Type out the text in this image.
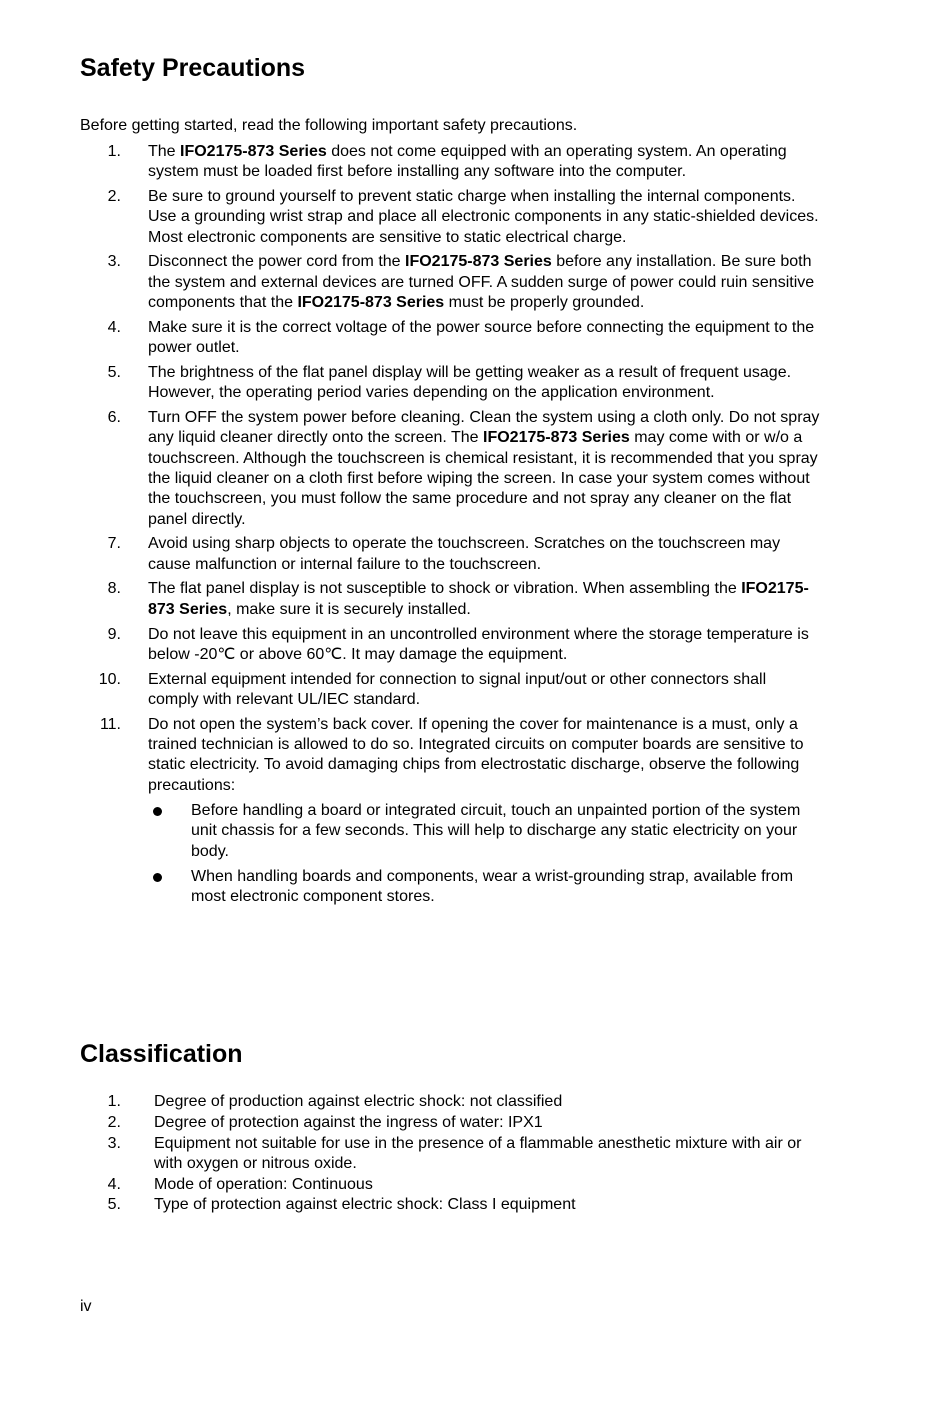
Safety Precautions

Before getting started, read the following important safety precautions.

1. The IFO2175-873 Series does not come equipped with an operating system. An operating system must be loaded first before installing any software into the computer.
2. Be sure to ground yourself to prevent static charge when installing the internal components. Use a grounding wrist strap and place all electronic components in any static-shielded devices. Most electronic components are sensitive to static electrical charge.
3. Disconnect the power cord from the IFO2175-873 Series before any installation. Be sure both the system and external devices are turned OFF. A sudden surge of power could ruin sensitive components that the IFO2175-873 Series must be properly grounded.
4. Make sure it is the correct voltage of the power source before connecting the equipment to the power outlet.
5. The brightness of the flat panel display will be getting weaker as a result of frequent usage. However, the operating period varies depending on the application environment.
6. Turn OFF the system power before cleaning. Clean the system using a cloth only. Do not spray any liquid cleaner directly onto the screen. The IFO2175-873 Series may come with or w/o a touchscreen. Although the touchscreen is chemical resistant, it is recommended that you spray the liquid cleaner on a cloth first before wiping the screen. In case your system comes without the touchscreen, you must follow the same procedure and not spray any cleaner on the flat panel directly.
7. Avoid using sharp objects to operate the touchscreen. Scratches on the touchscreen may cause malfunction or internal failure to the touchscreen.
8. The flat panel display is not susceptible to shock or vibration. When assembling the IFO2175-873 Series, make sure it is securely installed.
9. Do not leave this equipment in an uncontrolled environment where the storage temperature is below -20℃ or above 60℃. It may damage the equipment.
10. External equipment intended for connection to signal input/out or other connectors shall comply with relevant UL/IEC standard.
11. Do not open the system’s back cover. If opening the cover for maintenance is a must, only a trained technician is allowed to do so. Integrated circuits on computer boards are sensitive to static electricity. To avoid damaging chips from electrostatic discharge, observe the following precautions:
Before handling a board or integrated circuit, touch an unpainted portion of the system unit chassis for a few seconds. This will help to discharge any static electricity on your body.
When handling boards and components, wear a wrist-grounding strap, available from most electronic component stores.
Classification
1. Degree of production against electric shock: not classified
2. Degree of protection against the ingress of water: IPX1
3. Equipment not suitable for use in the presence of a flammable anesthetic mixture with air or with oxygen or nitrous oxide.
4. Mode of operation: Continuous
5. Type of protection against electric shock: Class I equipment
iv
